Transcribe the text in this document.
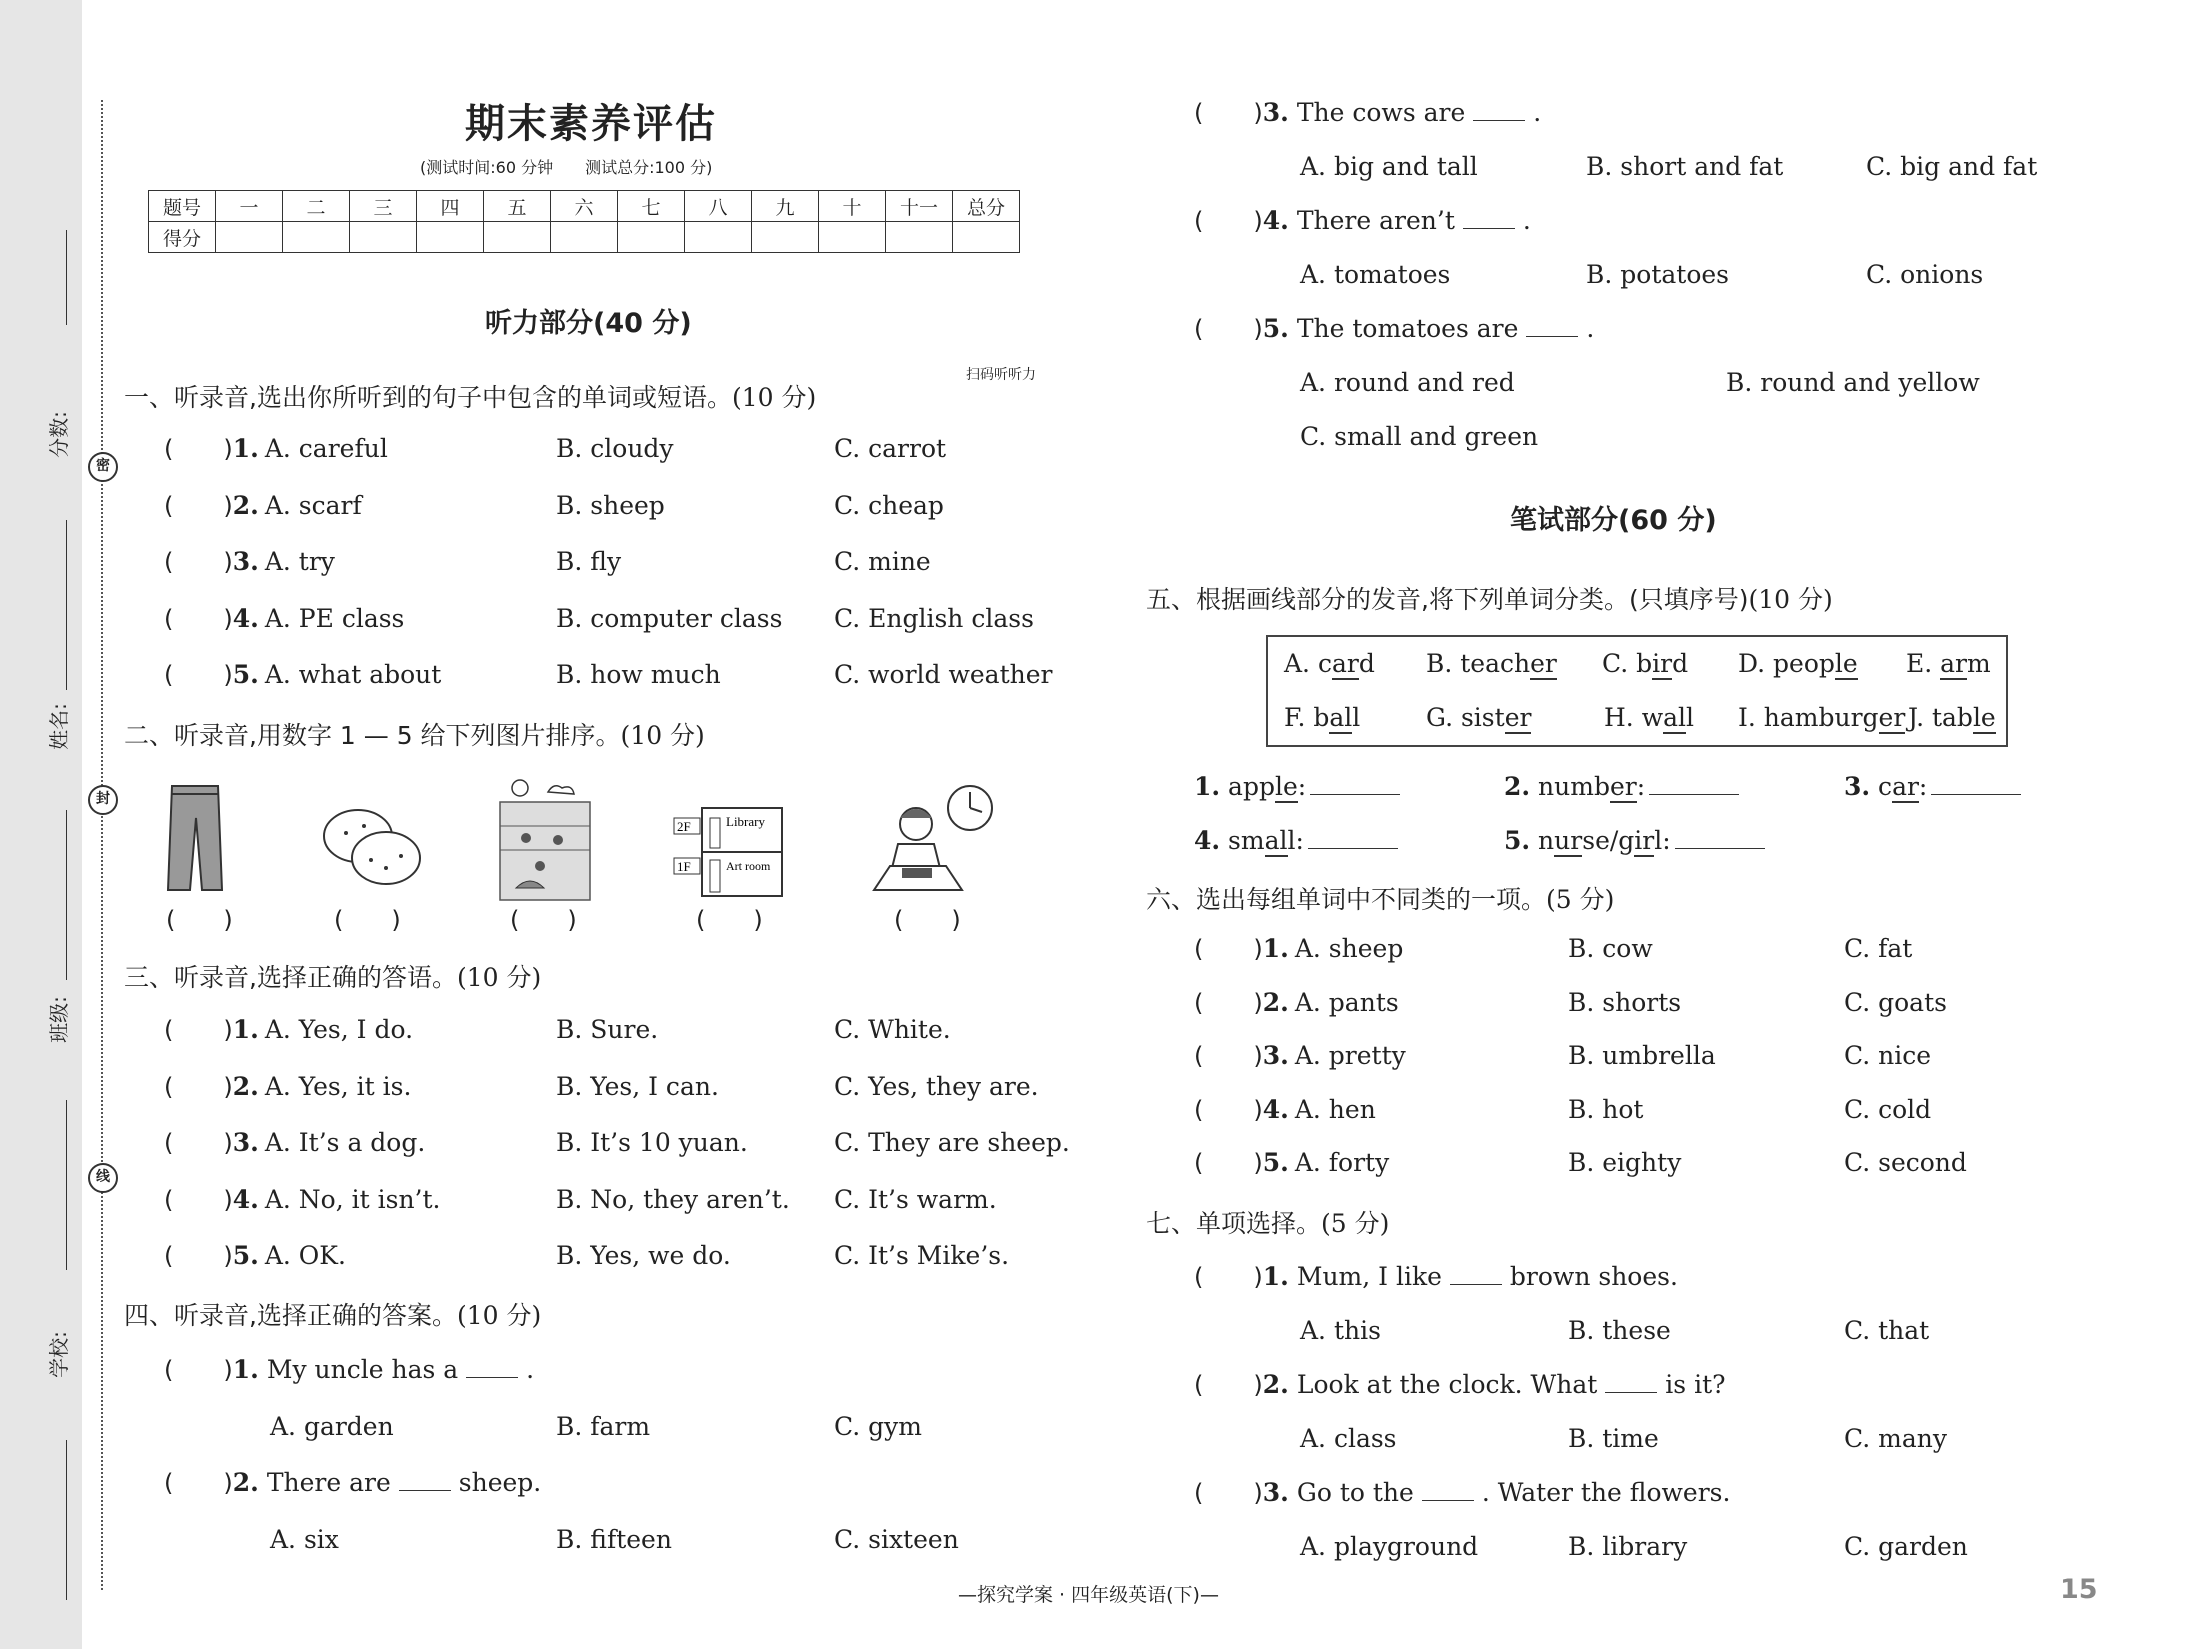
分数:
姓名:
班级:
学校:
密
封
线
期末素养评估
(测试时间:60 分钟　　测试总分:100 分)
题号	一	二	三	四	五	六	七	八	九	十	十一	总分
得分												
听力部分(40 分)
扫码听听力
一、听录音,选出你所听到的句子中包含的单词或短语。(10 分)
( )1. A. careful	B. cloudy	C. carrot
( )2. A. scarf	B. sheep	C. cheap
( )3. A. try	B. fly	C. mine
( )4. A. PE class	B. computer class C. English class
( )5. A. what about	B. how much	C. world weather
二、听录音,用数字 1 — 5 给下列图片排序。(10 分)
2F
1F
Library
Art room
(　　)	(　　)	(　　)	(　　)	(　　)
三、听录音,选择正确的答语。(10 分)
( )1. A. Yes, I do.	B. Sure.	C. White.
( )2. A. Yes, it is.	B. Yes, I can.	C. Yes, they are.
( )3. A. It’s a dog.	B. It’s 10 yuan.	C. They are sheep.
( )4. A. No, it isn’t.	B. No, they aren’t. C. It’s warm.
( )5. A. OK.	B. Yes, we do.	C. It’s Mike’s.
四、听录音,选择正确的答案。(10 分)
( )1. My uncle has a	.
A. garden	B. farm	C. gym
( )2. There are	sheep.
A. six	B. fifteen	C. sixteen
( )3. The cows are	.
A. big and tall	B. short and fat	C. big and fat
( )4. There aren’t	.
A. tomatoes	B. potatoes	C. onions
( )5. The tomatoes are	.
A. round and red	B. round and yellow
C. small and green
笔试部分(60 分)
五、根据画线部分的发音,将下列单词分类。(只填序号)(10 分)
A. card B. teacher C. bird D. people E. arm
F. ball	G. sister	H. wall I. hamburger J. table
1. apple:	2. number:	3. car:
4. small:	5. nurse/girl:
六、选出每组单词中不同类的一项。(5 分)
( )1. A. sheep	B. cow	C. fat
( )2. A. pants	B. shorts	C. goats
( )3. A. pretty	B. umbrella	C. nice
( )4. A. hen	B. hot	C. cold
( )5. A. forty	B. eighty	C. second
七、单项选择。(5 分)
( )1. Mum, I like	brown shoes.
A. this	B. these	C. that
( )2. Look at the clock. What	is it?
A. class	B. time	C. many
( )3. Go to the	. Water the flowers.
A. playground	B. library	C. garden
—探究学案 · 四年级英语(下)—	15
